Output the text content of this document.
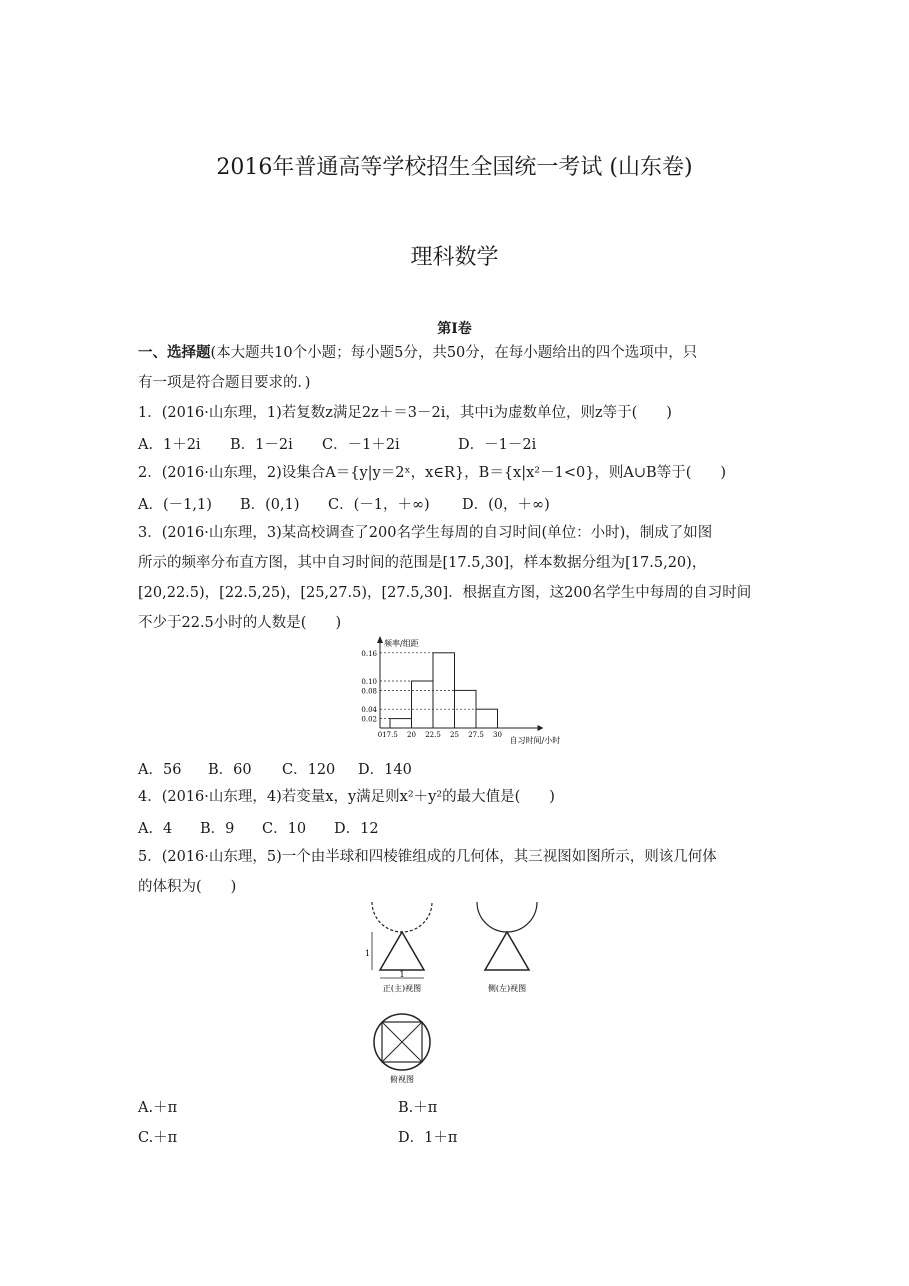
2016年普通高等学校招生全国统一考试 (山东卷)
理科数学
第Ⅰ卷
一、选择题(本大题共10个小题；每小题5分，共50分，在每小题给出的四个选项中，只
有一项是符合题目要求的．)
1．(2016·山东理，1)若复数z满足2z＋＝3－2i，其中i为虚数单位，则z等于(　　)
A．1＋2i B．1－2i C．－1＋2i	D．－1－2i
2．(2016·山东理，2)设集合A＝{y|y＝2ˣ，x∈R}，B＝{x|x²－1<0}，则A∪B等于(　　)
A．(－1,1) B．(0,1) C．(－1，＋∞) D．(0，＋∞)
3．(2016·山东理，3)某高校调查了200名学生每周的自习时间(单位：小时)，制成了如图
所示的频率分布直方图，其中自习时间的范围是[17.5,30]，样本数据分组为[17.5,20)，
[20,22.5)，[22.5,25)，[25,27.5)，[27.5,30]．根据直方图，这200名学生中每周的自习时间
不少于22.5小时的人数是(　　)
频率/组距
自习时间/小时
0.02
0.04
0.08
0.10
0.16
0 17.5 20 22.5 25 27.5 30
A．56 B．60 C．120 D．140
4．(2016·山东理，4)若变量x，y满足则x²＋y²的最大值是(　　)
A．4 B．9 C．10 D．12
5．(2016·山东理，5)一个由半球和四棱锥组成的几何体，其三视图如图所示，则该几何体
的体积为(　　)
1
1
正(主)视图	侧(左)视图
俯视图
A.＋π	B.＋π
C.＋π	D．1＋π
